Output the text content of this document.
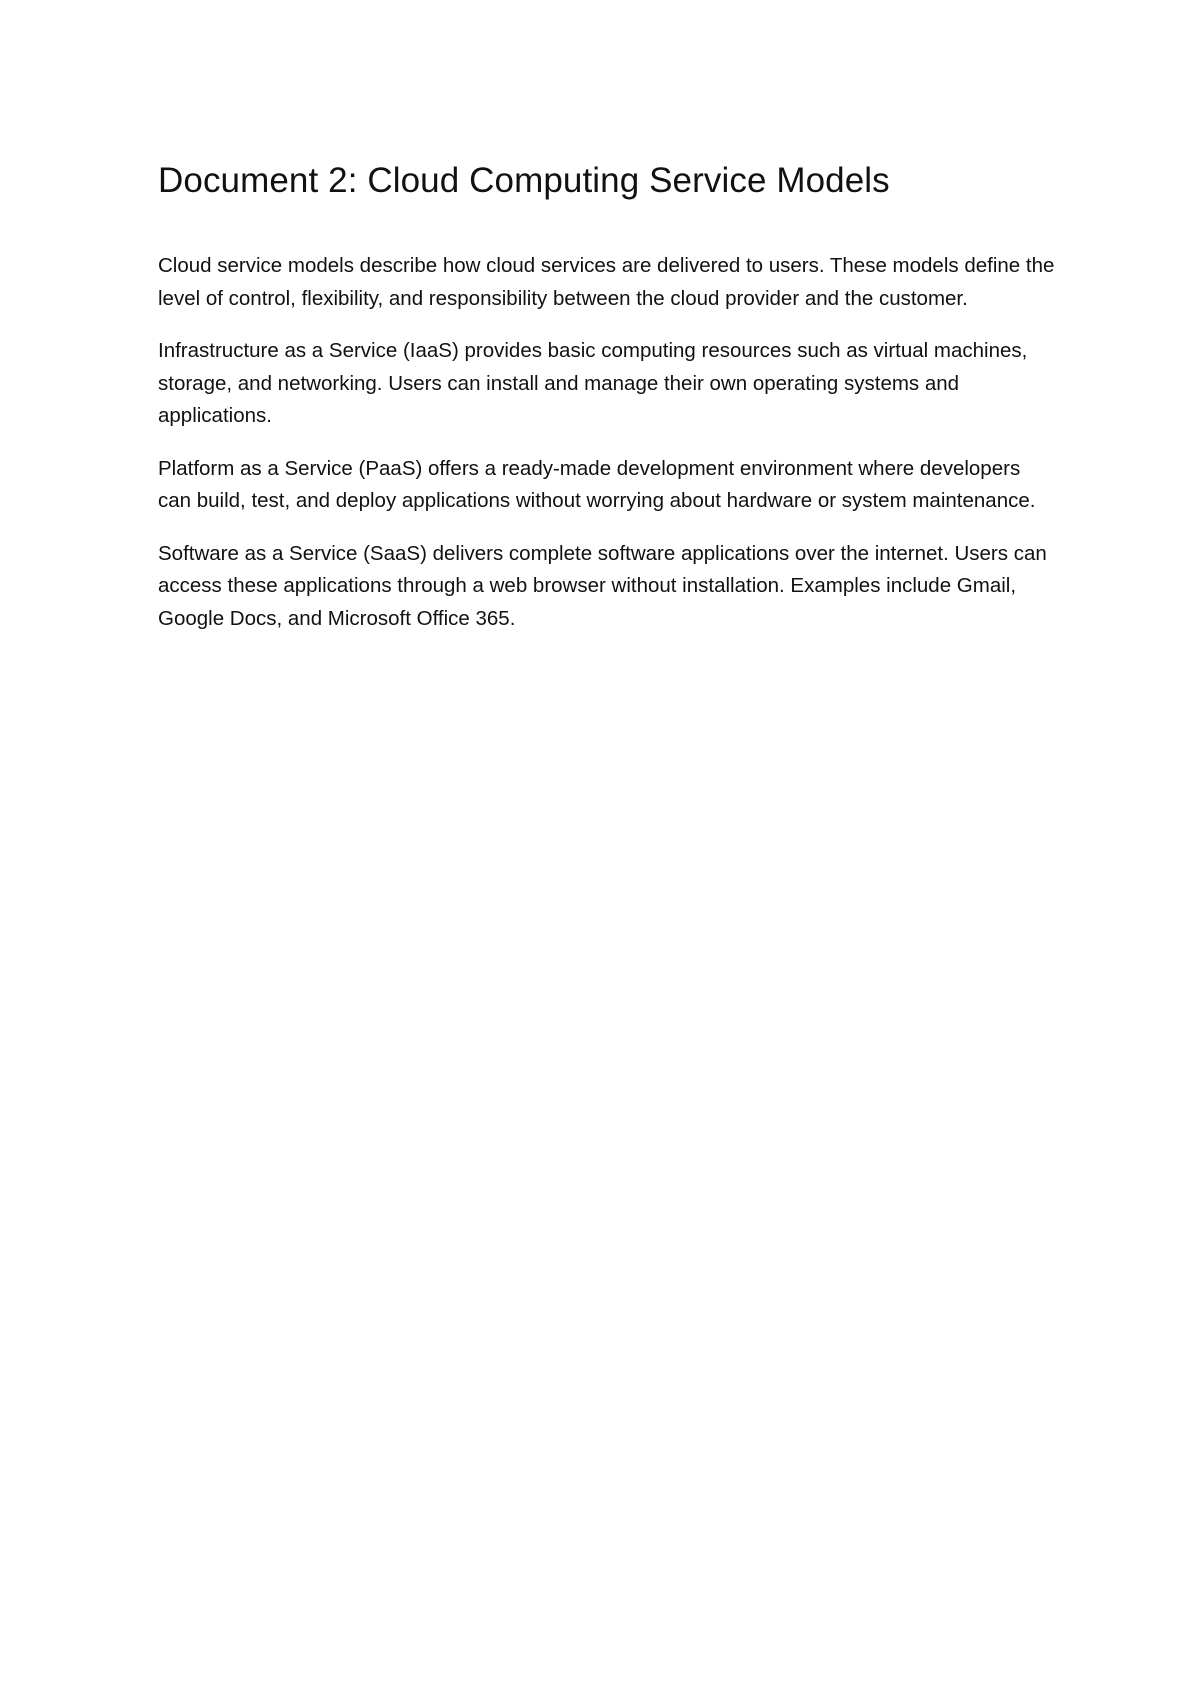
Document 2: Cloud Computing Service Models

Cloud service models describe how cloud services are delivered to users. These models define the level of control, flexibility, and responsibility between the cloud provider and the customer.

Infrastructure as a Service (IaaS) provides basic computing resources such as virtual machines, storage, and networking. Users can install and manage their own operating systems and applications.

Platform as a Service (PaaS) offers a ready-made development environment where developers can build, test, and deploy applications without worrying about hardware or system maintenance.

Software as a Service (SaaS) delivers complete software applications over the internet. Users can access these applications through a web browser without installation. Examples include Gmail, Google Docs, and Microsoft Office 365.
